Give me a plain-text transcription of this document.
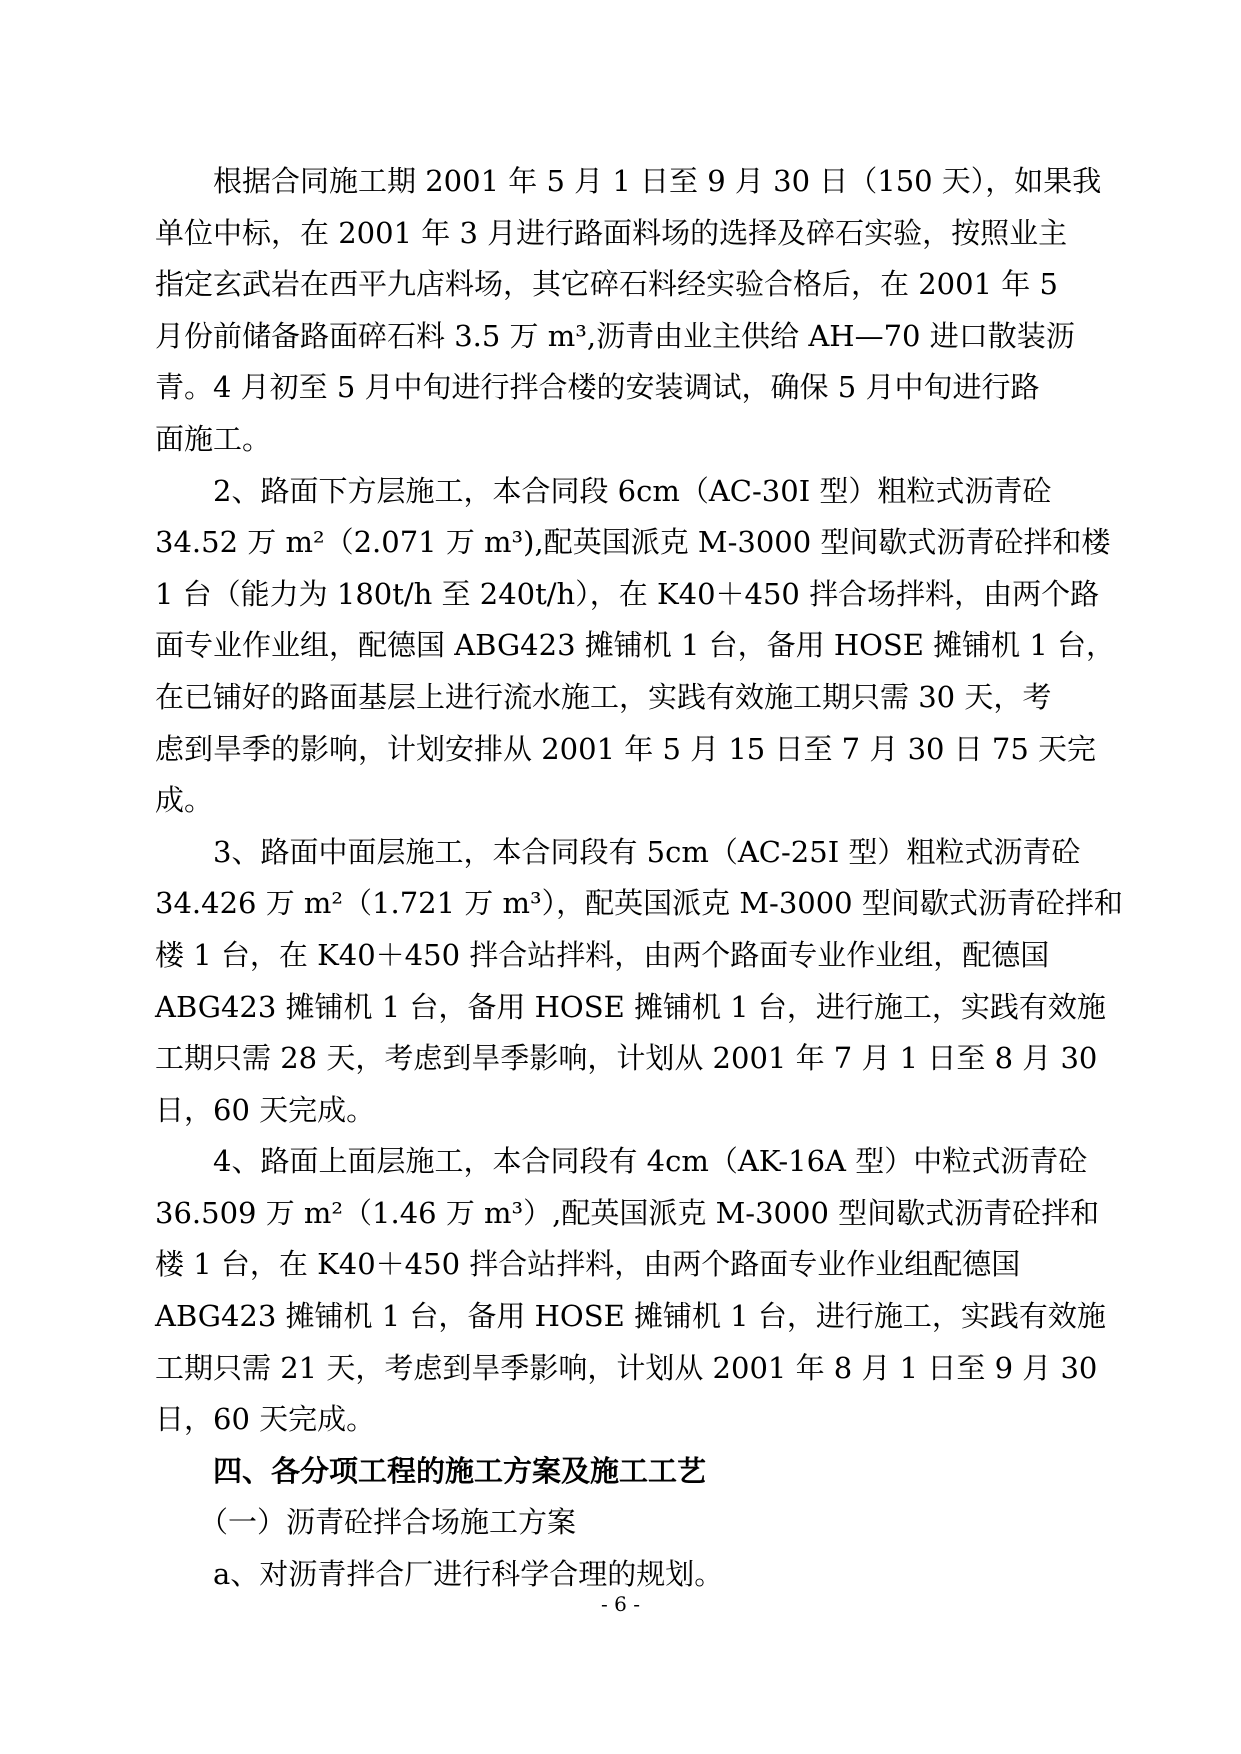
根据合同施工期 2001 年 5 月 1 日至 9 月 30 日（150 天），如果我
单位中标，在 2001 年 3 月进行路面料场的选择及碎石实验，按照业主
指定玄武岩在西平九店料场，其它碎石料经实验合格后，在 2001 年 5
月份前储备路面碎石料 3.5 万 m³,沥青由业主供给 AH—70 进口散装沥
青。4 月初至 5 月中旬进行拌合楼的安装调试，确保 5 月中旬进行路
面施工。
2、路面下方层施工，本合同段 6cm（AC-30I 型）粗粒式沥青砼
34.52 万 m²（2.071 万 m³),配英国派克 M-3000 型间歇式沥青砼拌和楼
1 台（能力为 180t/h 至 240t/h），在 K40＋450 拌合场拌料，由两个路
面专业作业组，配德国 ABG423 摊铺机 1 台，备用 HOSE 摊铺机 1 台，
在已铺好的路面基层上进行流水施工，实践有效施工期只需 30 天，考
虑到旱季的影响，计划安排从 2001 年 5 月 15 日至 7 月 30 日 75 天完
成。
3、路面中面层施工，本合同段有 5cm（AC-25I 型）粗粒式沥青砼
34.426 万 m²（1.721 万 m³），配英国派克 M-3000 型间歇式沥青砼拌和
楼 1 台，在 K40＋450 拌合站拌料，由两个路面专业作业组，配德国
ABG423 摊铺机 1 台，备用 HOSE 摊铺机 1 台，进行施工，实践有效施
工期只需 28 天，考虑到旱季影响，计划从 2001 年 7 月 1 日至 8 月 30
日，60 天完成。
4、路面上面层施工，本合同段有 4cm（AK-16A 型）中粒式沥青砼
36.509 万 m²（1.46 万 m³）,配英国派克 M-3000 型间歇式沥青砼拌和
楼 1 台，在 K40＋450 拌合站拌料，由两个路面专业作业组配德国
ABG423 摊铺机 1 台，备用 HOSE 摊铺机 1 台，进行施工，实践有效施
工期只需 21 天，考虑到旱季影响，计划从 2001 年 8 月 1 日至 9 月 30
日，60 天完成。

四、各分项工程的施工方案及施工工艺

（一）沥青砼拌合场施工方案

a、对沥青拌合厂进行科学合理的规划。

- 6 -
